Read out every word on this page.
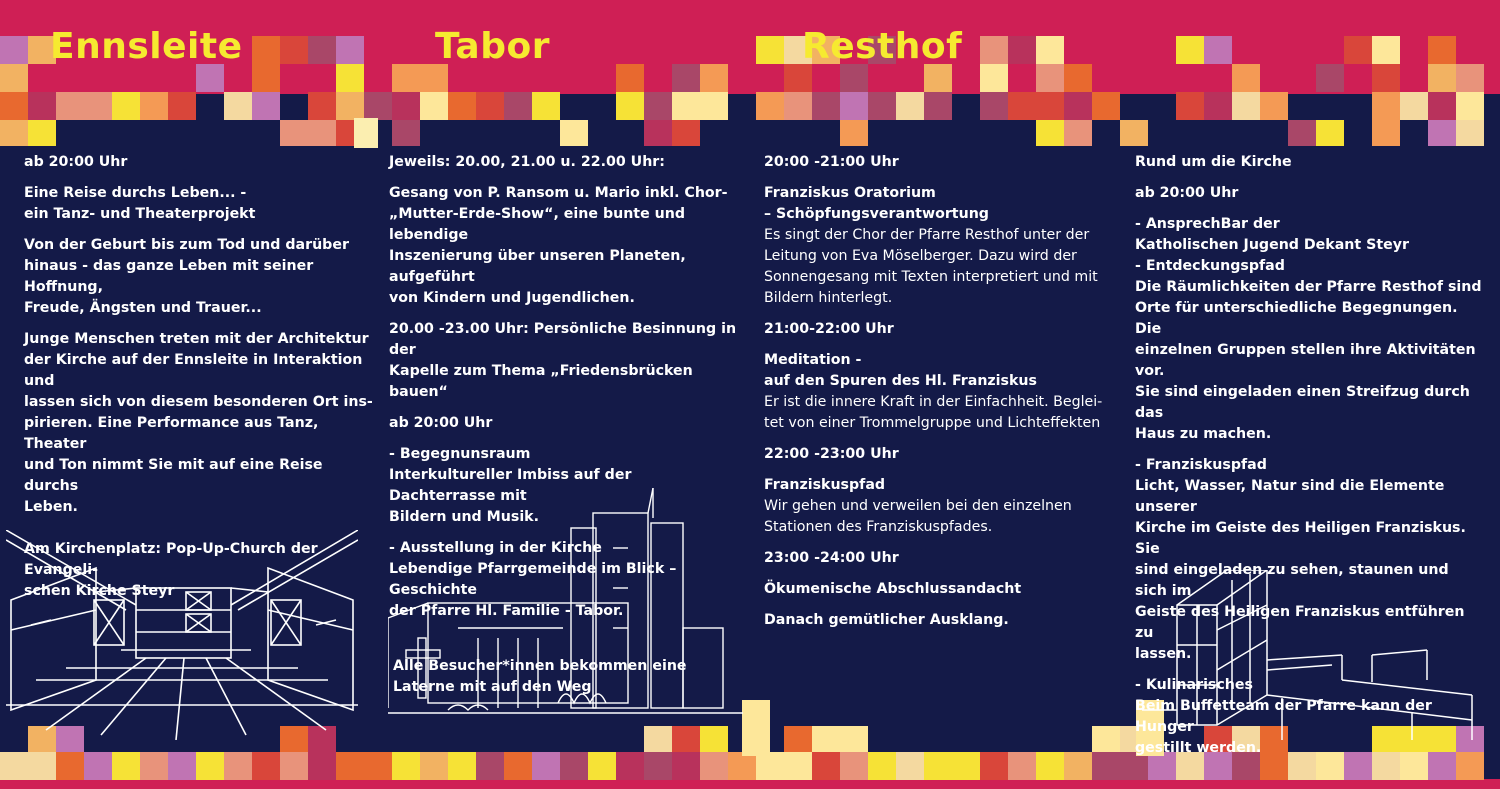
Ennsleite	Tabor	Resthof

ab 20:00 Uhr

Eine Reise durchs Leben... -
ein Tanz- und Theaterprojekt

Von der Geburt bis zum Tod und darüber
hinaus - das ganze Leben mit seiner Hoffnung,
Freude, Ängsten und Trauer...

Junge Menschen treten mit der Architektur
der Kirche auf der Ennsleite in Interaktion und
lassen sich von diesem besonderen Ort ins-
pirieren. Eine Performance aus Tanz, Theater
und Ton nimmt Sie mit auf eine Reise durchs
Leben.

Am Kirchenplatz: Pop-Up-Church der Evangeli-
schen Kirche Steyr

Jeweils: 20.00, 21.00 u. 22.00 Uhr:

Gesang von P. Ransom u. Mario inkl. Chor-
„Mutter-Erde-Show“, eine bunte und lebendige
Inszenierung über unseren Planeten, aufgeführt
von Kindern und Jugendlichen.

20.00 -23.00 Uhr: Persönliche Besinnung in der
Kapelle zum Thema „Friedensbrücken bauen“

ab 20:00 Uhr

- Begegnunsraum
Interkultureller Imbiss auf der Dachterrasse mit
Bildern und Musik.

- Ausstellung in der Kirche
Lebendige Pfarrgemeinde im Blick – Geschichte
der Pfarre Hl. Familie - Tabor.

Alle Besucher*innen bekommen eine
Laterne mit auf den Weg

20:00 -21:00 Uhr

Franziskus Oratorium
– Schöpfungsverantwortung

Es singt der Chor der Pfarre Resthof unter der
Leitung von Eva Möselberger. Dazu wird der
Sonnengesang mit Texten interpretiert und mit
Bildern hinterlegt.

21:00-22:00 Uhr

Meditation -
auf den Spuren des Hl. Franziskus

Er ist die innere Kraft in der Einfachheit. Beglei-
tet von einer Trommelgruppe und Lichteffekten

22:00 -23:00 Uhr

Franziskuspfad

Wir gehen und verweilen bei den einzelnen
Stationen des Franziskuspfades.

23:00 -24:00 Uhr

Ökumenische Abschlussandacht

Danach gemütlicher Ausklang.

Rund um die Kirche

ab 20:00 Uhr

- AnsprechBar der
Katholischen Jugend Dekant Steyr
- Entdeckungspfad
Die Räumlichkeiten der Pfarre Resthof sind
Orte für unterschiedliche Begegnungen. Die
einzelnen Gruppen stellen ihre Aktivitäten vor.
Sie sind eingeladen einen Streifzug durch das
Haus zu machen.

- Franziskuspfad
Licht, Wasser, Natur sind die Elemente unserer
Kirche im Geiste des Heiligen Franziskus. Sie
sind eingeladen zu sehen, staunen und sich im
Geiste des Heiligen Franziskus entführen zu
lassen.

- Kulinarisches
Beim Buffetteam der Pfarre kann der Hunger
gestillt werden.
